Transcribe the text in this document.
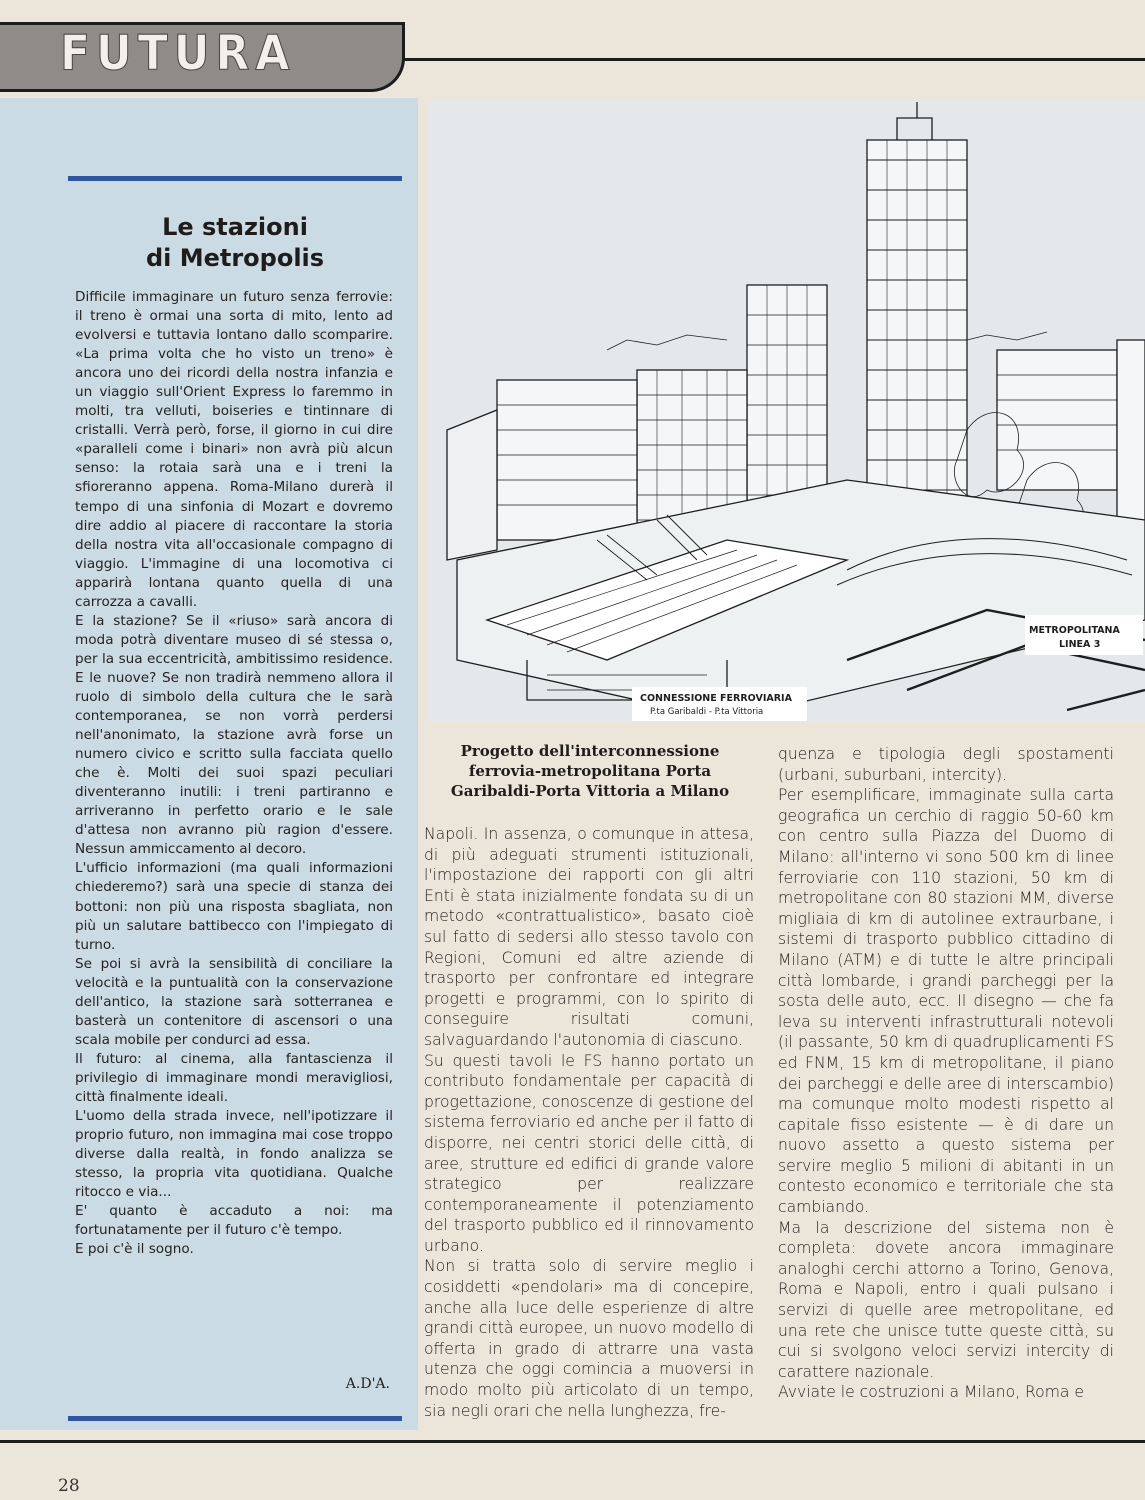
FUTURA
Le stazioni
di Metropolis

Difficile immaginare un futuro senza ferrovie: il treno è ormai una sorta di mito, lento ad evolversi e tuttavia lontano dallo scomparire. «La prima volta che ho visto un treno» è ancora uno dei ricordi della nostra infanzia e un viaggio sull'Orient Express lo faremmo in molti, tra velluti, boiseries e tintinnare di cristalli. Verrà però, forse, il giorno in cui dire «paralleli come i binari» non avrà più alcun senso: la rotaia sarà una e i treni la sfioreranno appena. Roma-Milano durerà il tempo di una sinfonia di Mozart e dovremo dire addio al piacere di raccontare la storia della nostra vita all'occasionale compagno di viaggio. L'immagine di una locomotiva ci apparirà lontana quanto quella di una carrozza a cavalli.

E la stazione? Se il «riuso» sarà ancora di moda potrà diventare museo di sé stessa o, per la sua eccentricità, ambitissimo residence. E le nuove? Se non tradirà nemmeno allora il ruolo di simbolo della cultura che le sarà contemporanea, se non vorrà perdersi nell'anonimato, la stazione avrà forse un numero civico e scritto sulla facciata quello che è. Molti dei suoi spazi peculiari diventeranno inutili: i treni partiranno e arriveranno in perfetto orario e le sale d'attesa non avranno più ragion d'essere. Nessun ammiccamento al decoro.

L'ufficio informazioni (ma quali informazioni chiederemo?) sarà una specie di stanza dei bottoni: non più una risposta sbagliata, non più un salutare battibecco con l'impiegato di turno.

Se poi si avrà la sensibilità di conciliare la velocità e la puntualità con la conservazione dell'antico, la stazione sarà sotterranea e basterà un contenitore di ascensori o una scala mobile per condurci ad essa.

Il futuro: al cinema, alla fantascienza il privilegio di immaginare mondi meravigliosi, città finalmente ideali.

L'uomo della strada invece, nell'ipotizzare il proprio futuro, non immagina mai cose troppo diverse dalla realtà, in fondo analizza se stesso, la propria vita quotidiana. Qualche ritocco e via...

E' quanto è accaduto a noi: ma fortunatamente per il futuro c'è tempo.

E poi c'è il sogno.

A.D'A.
METROPOLITANA
LINEA 3
CONNESSIONE FERROVIARIA
P.ta Garibaldi - P.ta Vittoria
Progetto dell'interconnessione ferrovia-metropolitana Porta Garibaldi-Porta Vittoria a Milano

Napoli. In assenza, o comunque in attesa, di più adeguati strumenti istituzionali, l'impostazione dei rapporti con gli altri Enti è stata inizialmente fondata su di un metodo «contrattualistico», basato cioè sul fatto di sedersi allo stesso tavolo con Regioni, Comuni ed altre aziende di trasporto per confrontare ed integrare progetti e programmi, con lo spirito di conseguire risultati comuni, salvaguardando l'autonomia di ciascuno.

Su questi tavoli le FS hanno portato un contributo fondamentale per capacità di progettazione, conoscenze di gestione del sistema ferroviario ed anche per il fatto di disporre, nei centri storici delle città, di aree, strutture ed edifici di grande valore strategico per realizzare contemporaneamente il potenziamento del trasporto pubblico ed il rinnovamento urbano.

Non si tratta solo di servire meglio i cosiddetti «pendolari» ma di concepire, anche alla luce delle esperienze di altre grandi città europee, un nuovo modello di offerta in grado di attrarre una vasta utenza che oggi comincia a muoversi in modo molto più articolato di un tempo, sia negli orari che nella lunghezza, fre-

quenza e tipologia degli spostamenti (urbani, suburbani, intercity).

Per esemplificare, immaginate sulla carta geografica un cerchio di raggio 50-60 km con centro sulla Piazza del Duomo di Milano: all'interno vi sono 500 km di linee ferroviarie con 110 stazioni, 50 km di metropolitane con 80 stazioni MM, diverse migliaia di km di autolinee extraurbane, i sistemi di trasporto pubblico cittadino di Milano (ATM) e di tutte le altre principali città lombarde, i grandi parcheggi per la sosta delle auto, ecc. Il disegno — che fa leva su interventi infrastrutturali notevoli (il passante, 50 km di quadruplicamenti FS ed FNM, 15 km di metropolitane, il piano dei parcheggi e delle aree di interscambio) ma comunque molto modesti rispetto al capitale fisso esistente — è di dare un nuovo assetto a questo sistema per servire meglio 5 milioni di abitanti in un contesto economico e territoriale che sta cambiando.

Ma la descrizione del sistema non è completa: dovete ancora immaginare analoghi cerchi attorno a Torino, Genova, Roma e Napoli, entro i quali pulsano i servizi di quelle aree metropolitane, ed una rete che unisce tutte queste città, su cui si svolgono veloci servizi intercity di carattere nazionale.

Avviate le costruzioni a Milano, Roma e

28
